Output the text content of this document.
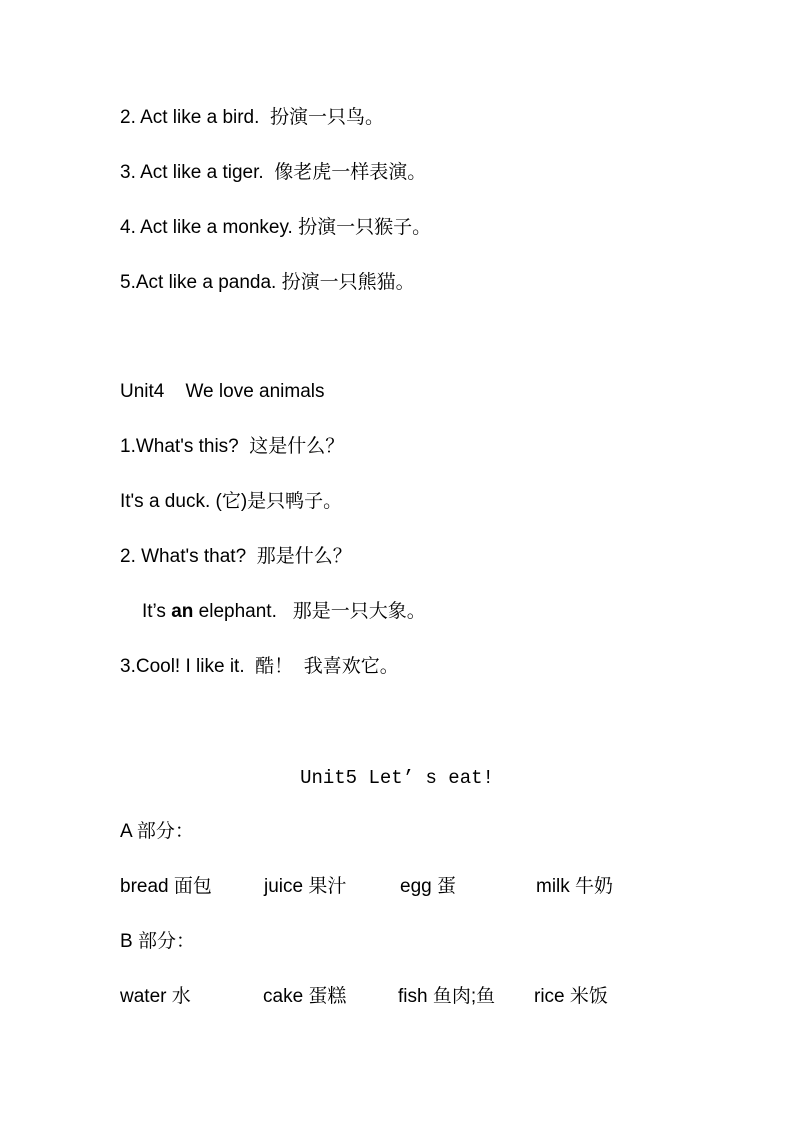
2. Act like a bird.  扮演一只鸟。
3. Act like a tiger.  像老虎一样表演。
4. Act like a monkey. 扮演一只猴子。
5.Act like a panda. 扮演一只熊猫。
Unit4    We love animals
1.What's this?  这是什么？
It's a duck. (它)是只鸭子。
2. What's that?  那是什么？
It’s an elephant.   那是一只大象。
3.Cool! I like it.  酷！  我喜欢它。
Unit5 Let’ s eat!
A 部分：
bread 面包	juice 果汁	egg 蛋	milk 牛奶
B 部分：
water 水	cake 蛋糕	fish 鱼肉;鱼 rice 米饭
